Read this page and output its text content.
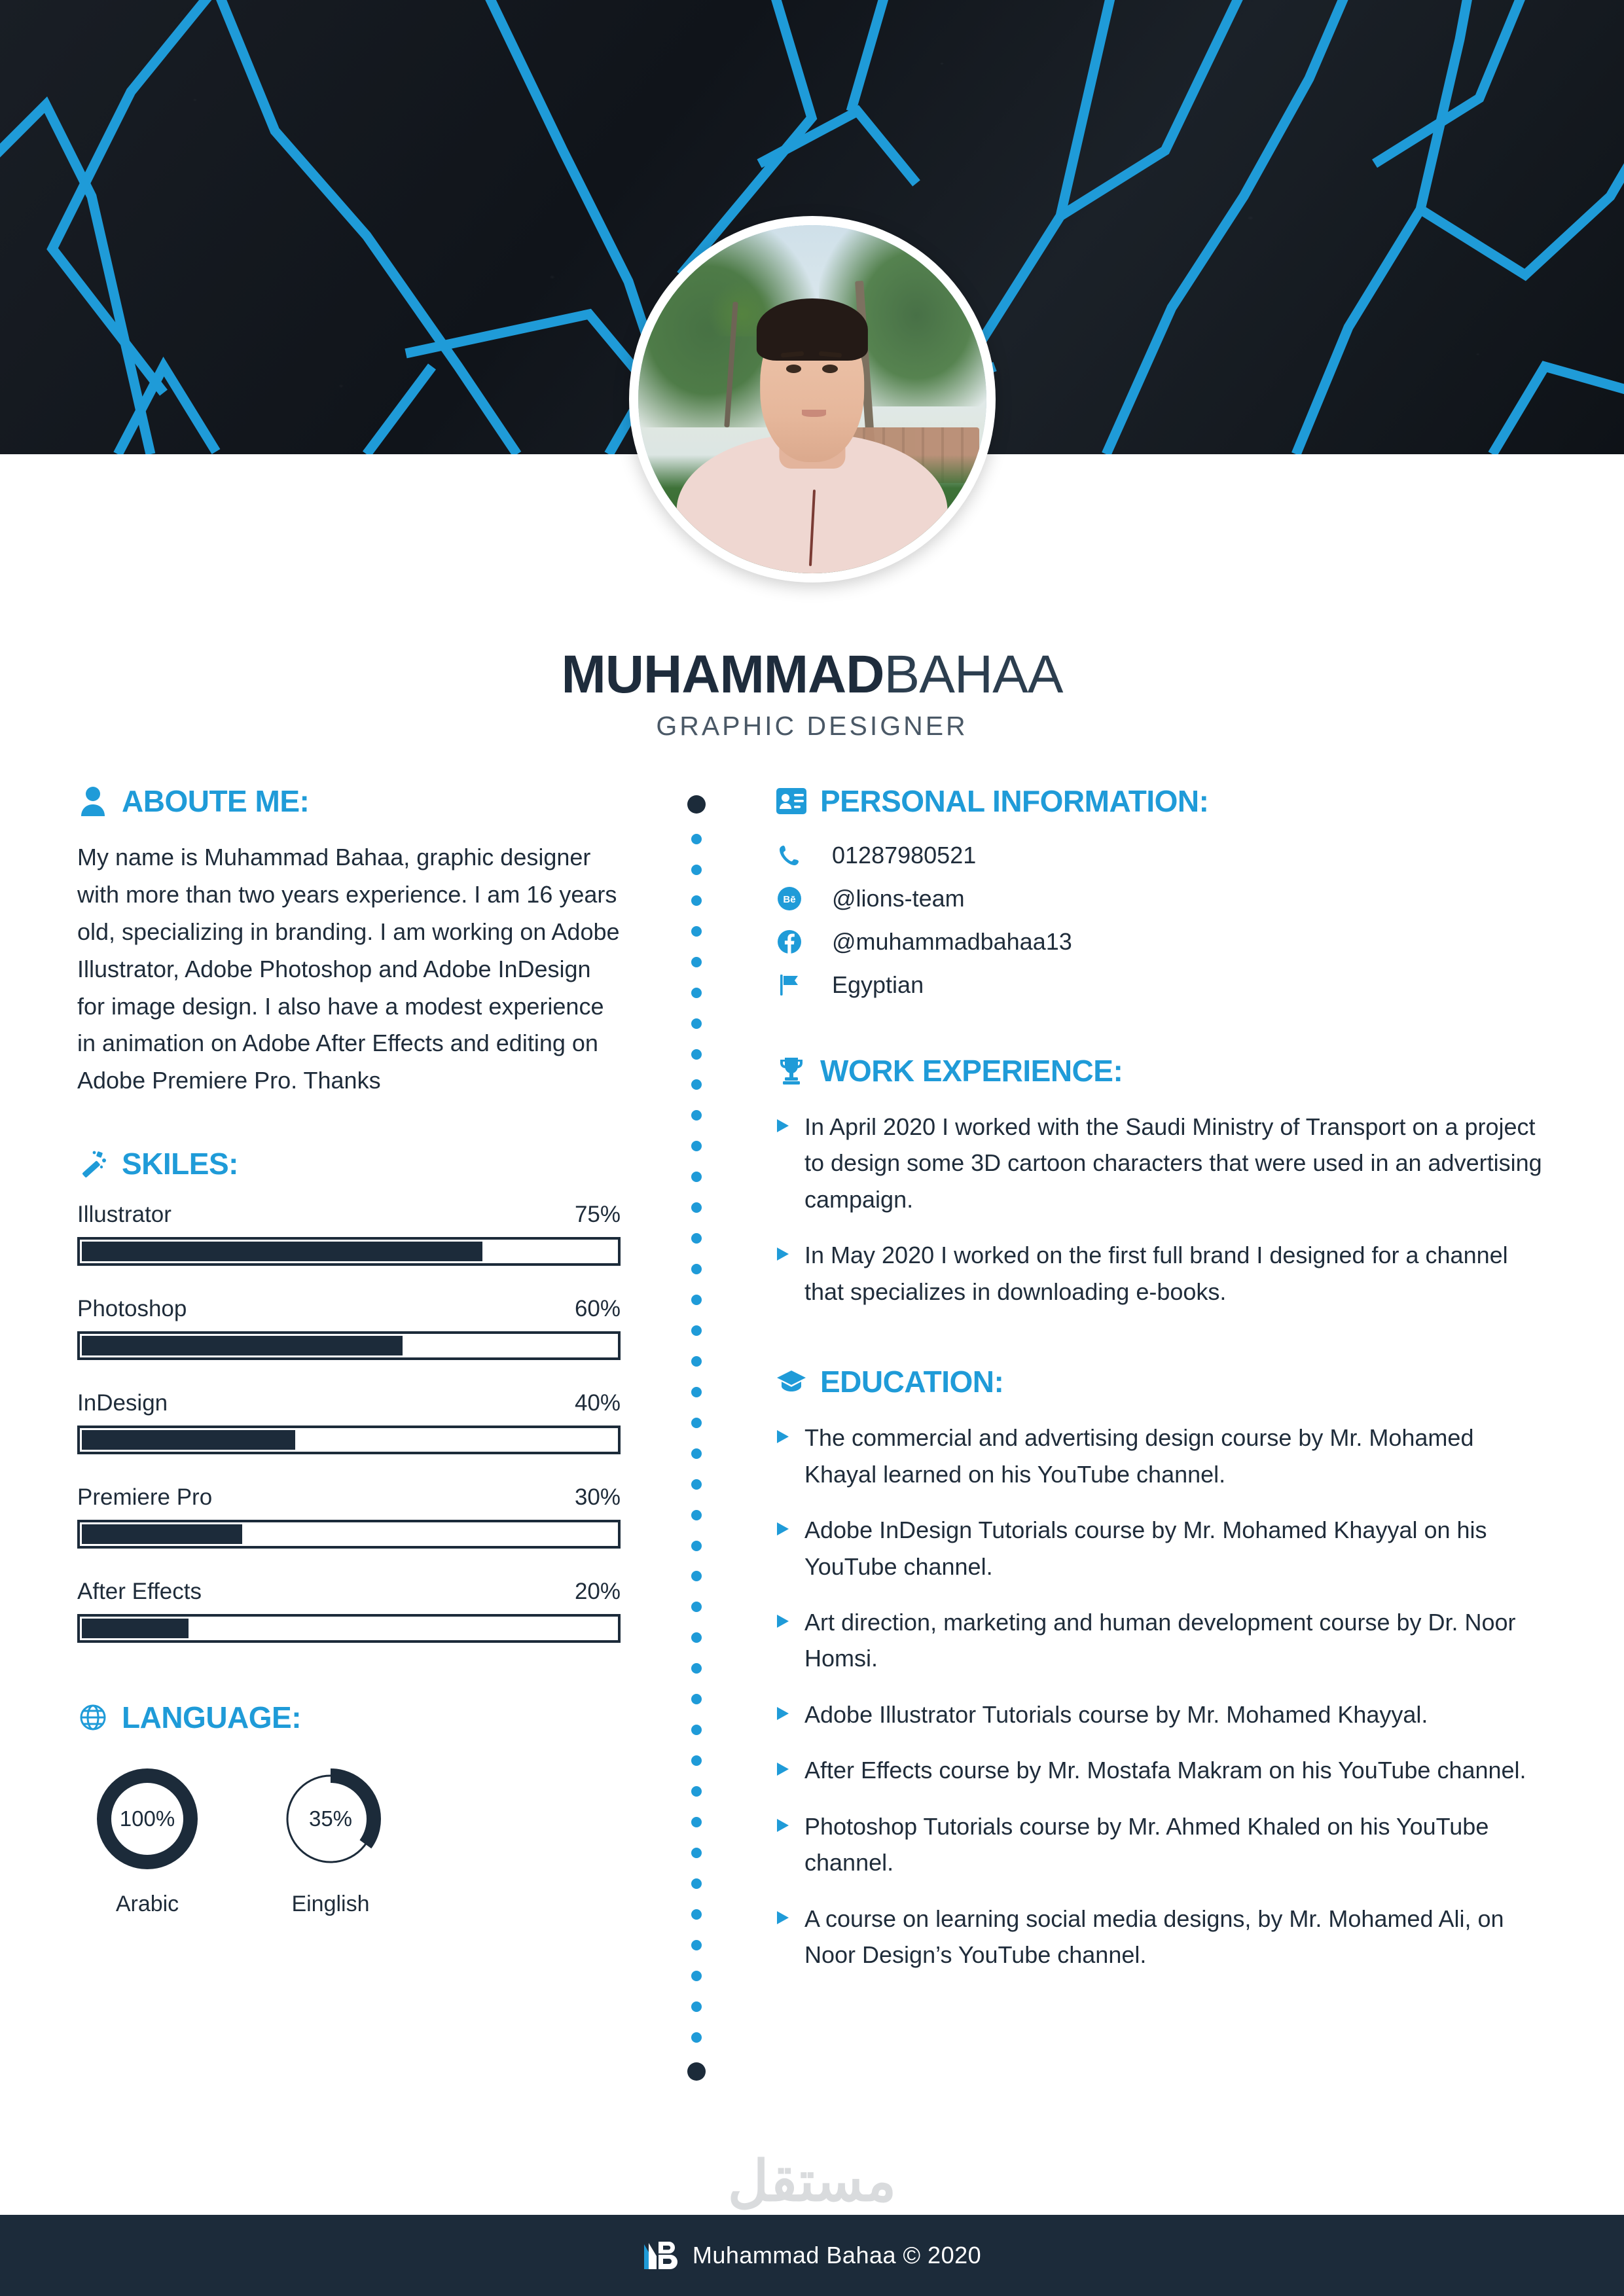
MUHAMMADBAHAA
GRAPHIC DESIGNER
ABOUTE ME:

My name is Muhammad Bahaa, graphic designer with more than two years experience. I am 16 years old, specializing in branding. I am working on Adobe Illustrator, Adobe Photoshop and Adobe InDesign for image design. I also have a modest experience in animation on Adobe After Effects and editing on Adobe Premiere Pro. Thanks

SKILES:
Illustrator	75%
Photoshop	60%
InDesign	40%
Premiere Pro	30%
After Effects	20%
LANGUAGE:
100%
Arabic
35%
Einglish
PERSONAL INFORMATION:
01287980521
Bē @lions-team
@muhammadbahaa13
Egyptian
WORK EXPERIENCE:
In April 2020 I worked with the Saudi Ministry of Transport on a project to design some 3D cartoon characters that were used in an advertising campaign.
In May 2020 I worked on the first full brand I designed for a channel that specializes in downloading e-books.
EDUCATION:
The commercial and advertising design course by Mr. Mohamed Khayal learned on his YouTube channel.
Adobe InDesign Tutorials course by Mr. Mohamed Khayyal on his YouTube channel.
Art direction, marketing and human development course by Dr. Noor Homsi.
Adobe Illustrator Tutorials course by Mr. Mohamed Khayyal.
After Effects course by Mr. Mostafa Makram on his YouTube channel.
Photoshop Tutorials course by Mr. Ahmed Khaled on his YouTube channel.
A course on learning social media designs, by Mr. Mohamed Ali, on Noor Design’s YouTube channel.
مستقل
Muhammad Bahaa © 2020
